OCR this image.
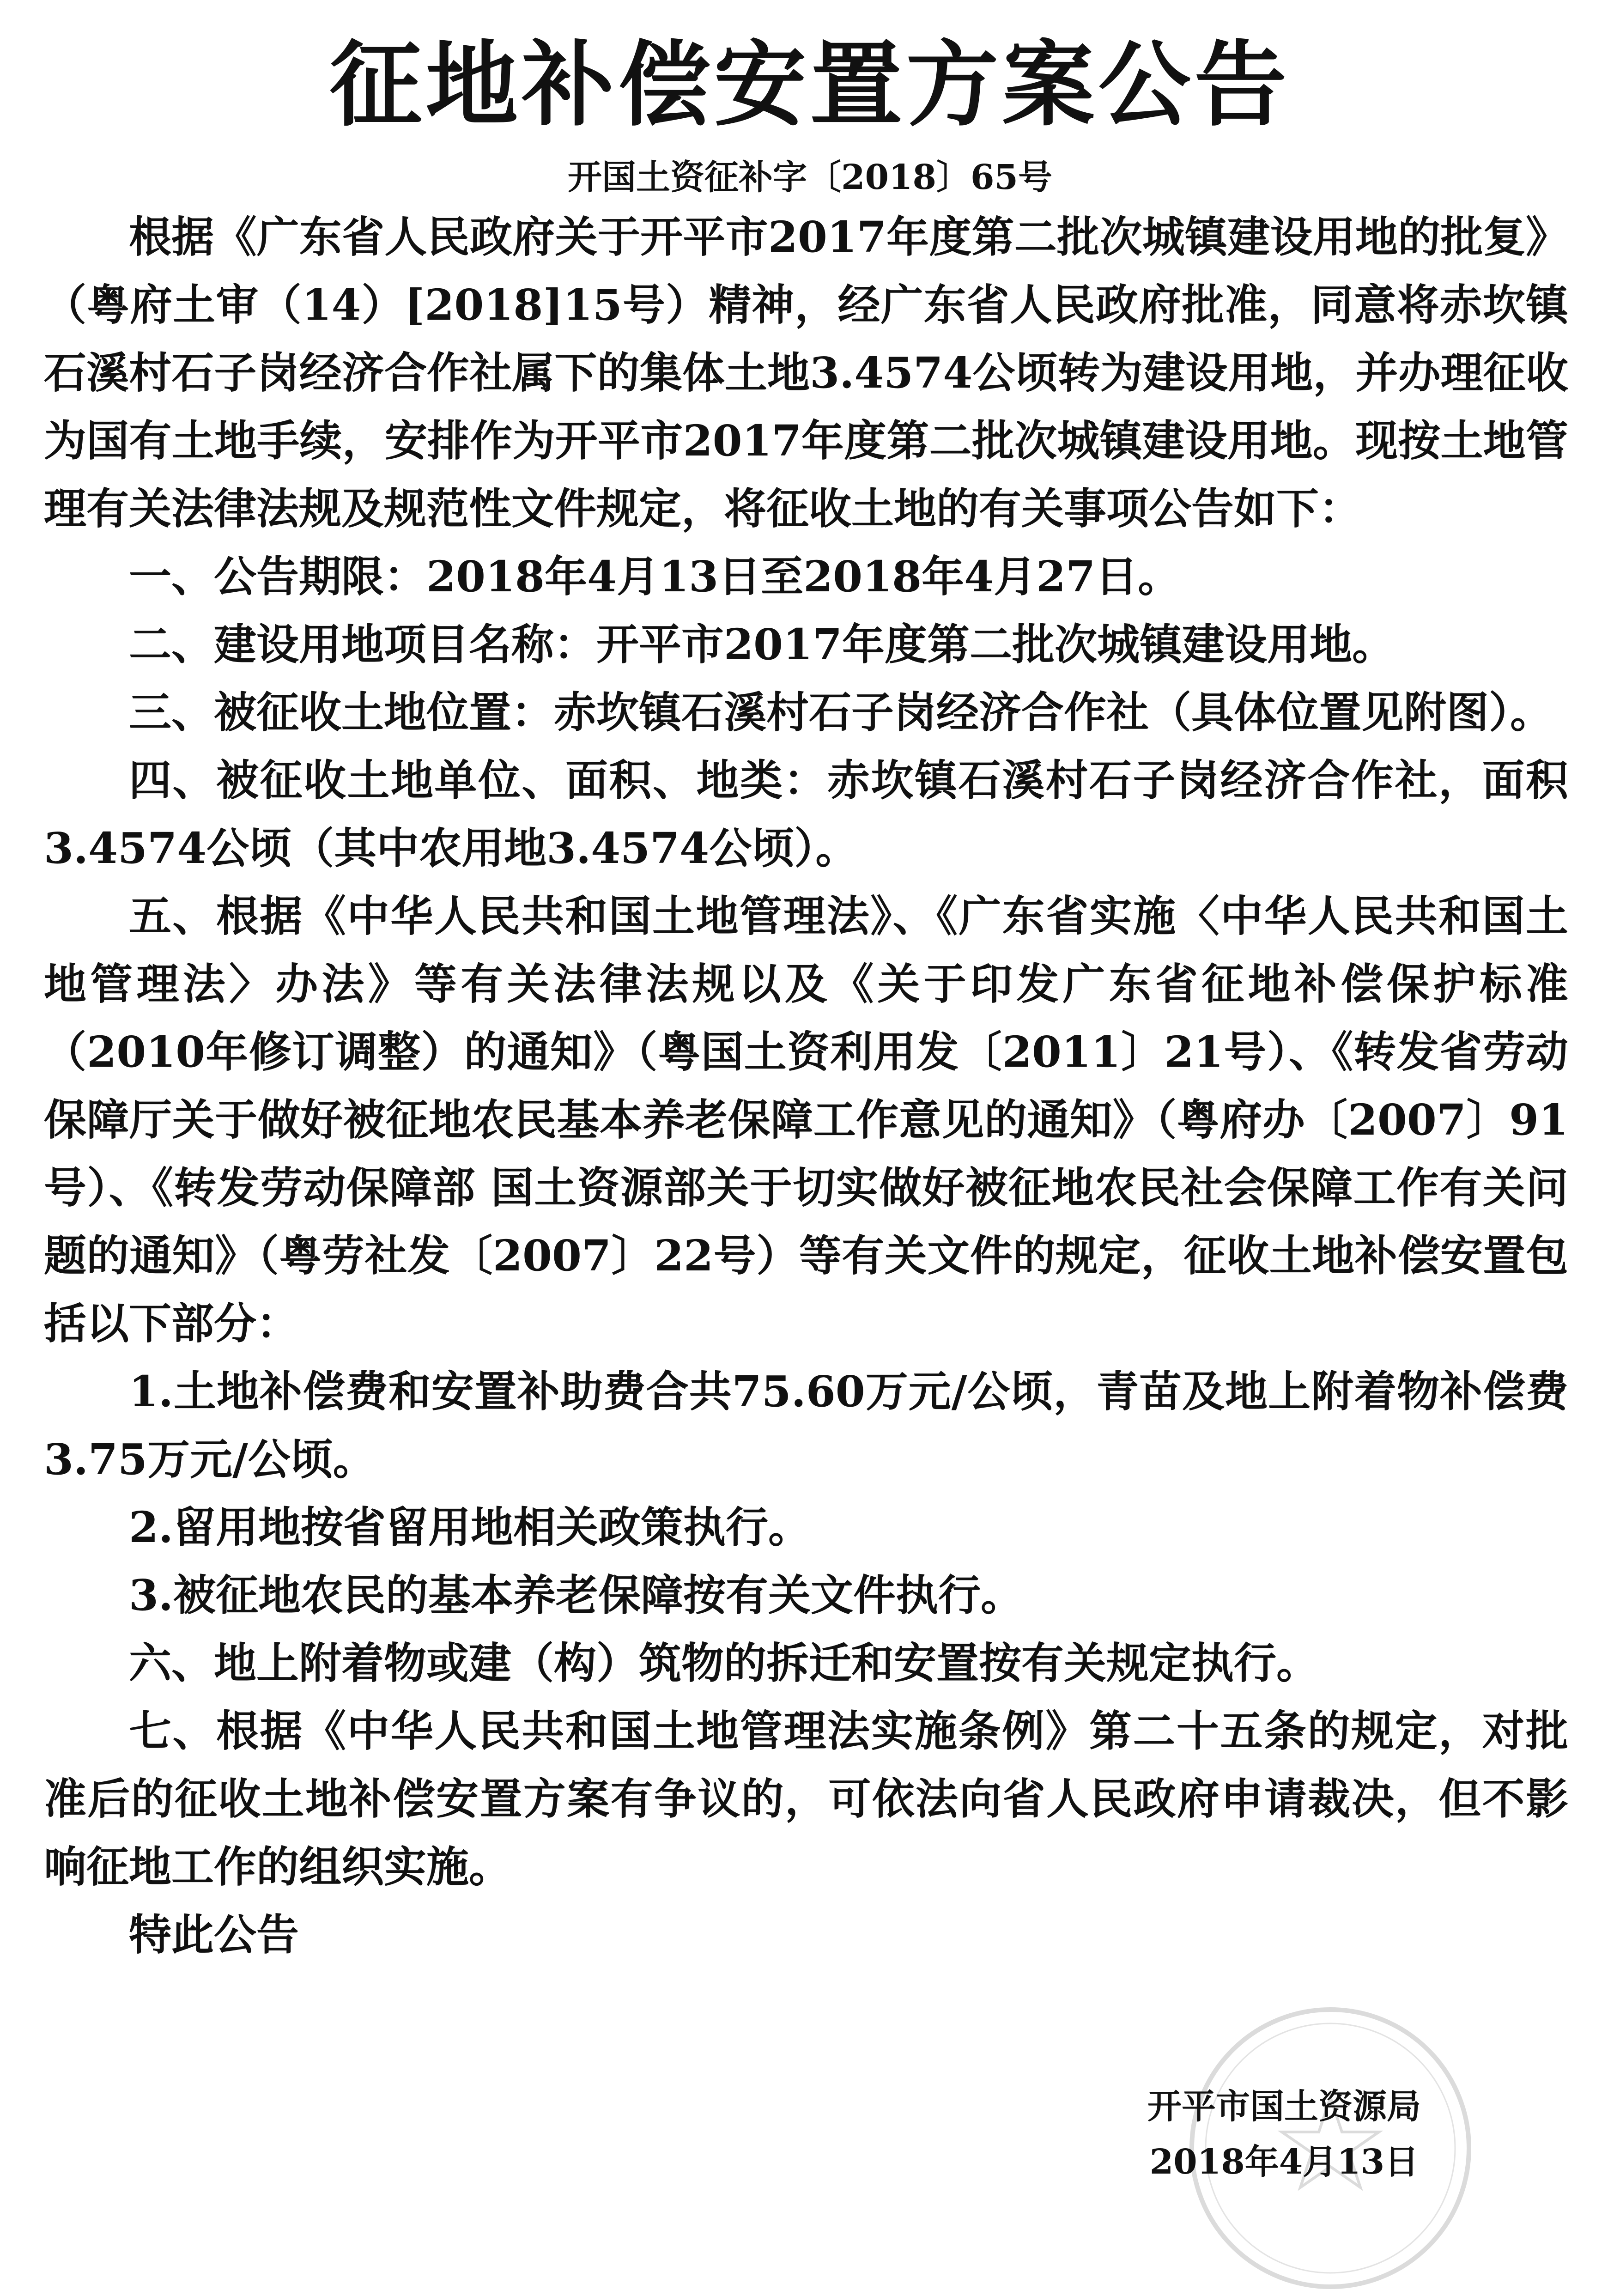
征地补偿安置方案公告
开国土资征补字〔2018〕65号

根据《广东省人民政府关于开平市2017年度第二批次城镇建设用地的批复》（粤府土审（14）[2018]15号）精神，经广东省人民政府批准，同意将赤坎镇石溪村石子岗经济合作社属下的集体土地3.4574公顷转为建设用地，并办理征收为国有土地手续，安排作为开平市2017年度第二批次城镇建设用地。现按土地管理有关法律法规及规范性文件规定，将征收土地的有关事项公告如下：

一、公告期限：2018年4月13日至2018年4月27日。

二、建设用地项目名称：开平市2017年度第二批次城镇建设用地。

三、被征收土地位置：赤坎镇石溪村石子岗经济合作社（具体位置见附图）。

四、被征收土地单位、面积、地类：赤坎镇石溪村石子岗经济合作社，面积3.4574公顷（其中农用地3.4574公顷）。

五、根据《中华人民共和国土地管理法》、《广东省实施〈中华人民共和国土地管理法〉办法》等有关法律法规以及《关于印发广东省征地补偿保护标准（2010年修订调整）的通知》（粤国土资利用发〔2011〕21号）、《转发省劳动保障厅关于做好被征地农民基本养老保障工作意见的通知》（粤府办〔2007〕91号）、《转发劳动保障部 国土资源部关于切实做好被征地农民社会保障工作有关问题的通知》（粤劳社发〔2007〕22号）等有关文件的规定，征收土地补偿安置包括以下部分：

1.土地补偿费和安置补助费合共75.60万元/公顷，青苗及地上附着物补偿费3.75万元/公顷。

2.留用地按省留用地相关政策执行。

3.被征地农民的基本养老保障按有关文件执行。

六、地上附着物或建（构）筑物的拆迁和安置按有关规定执行。

七、根据《中华人民共和国土地管理法实施条例》第二十五条的规定，对批准后的征收土地补偿安置方案有争议的，可依法向省人民政府申请裁决，但不影响征地工作的组织实施。

特此公告

开平市国土资源局
2018年4月13日
